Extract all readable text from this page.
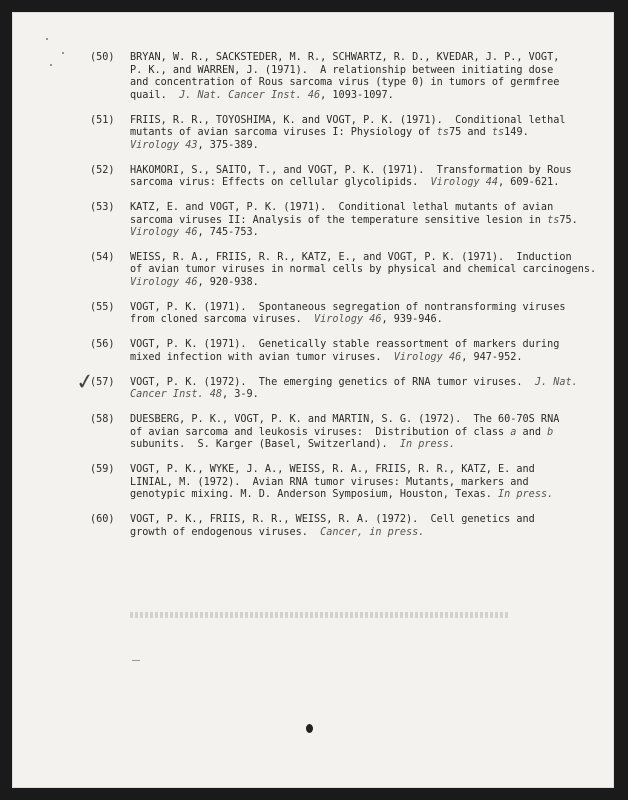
(50) BRYAN, W. R., SACKSTEDER, M. R., SCHWARTZ, R. D., KVEDAR, J. P., VOGT,
P. K., and WARREN, J. (1971).  A relationship between initiating dose
and concentration of Rous sarcoma virus (type 0) in tumors of germfree
quail.  J. Nat. Cancer Inst. 46, 1093-1097.
(51) FRIIS, R. R., TOYOSHIMA, K. and VOGT, P. K. (1971).  Conditional lethal
mutants of avian sarcoma viruses I: Physiology of ts75 and ts149.
Virology 43, 375-389.
(52) HAKOMORI, S., SAITO, T., and VOGT, P. K. (1971).  Transformation by Rous
sarcoma virus: Effects on cellular glycolipids.  Virology 44, 609-621.
(53) KATZ, E. and VOGT, P. K. (1971).  Conditional lethal mutants of avian
sarcoma viruses II: Analysis of the temperature sensitive lesion in ts75.
Virology 46, 745-753.
(54) WEISS, R. A., FRIIS, R. R., KATZ, E., and VOGT, P. K. (1971).  Induction
of avian tumor viruses in normal cells by physical and chemical carcinogens.
Virology 46, 920-938.
(55) VOGT, P. K. (1971).  Spontaneous segregation of nontransforming viruses
from cloned sarcoma viruses.  Virology 46, 939-946.
(56) VOGT, P. K. (1971).  Genetically stable reassortment of markers during
mixed infection with avian tumor viruses.  Virology 46, 947-952.
(57) VOGT, P. K. (1972).  The emerging genetics of RNA tumor viruses.  J. Nat.
Cancer Inst. 48, 3-9.
(58) DUESBERG, P. K., VOGT, P. K. and MARTIN, S. G. (1972).  The 60-70S RNA
of avian sarcoma and leukosis viruses:  Distribution of class a and b
subunits.  S. Karger (Basel, Switzerland).  In press.
(59) VOGT, P. K., WYKE, J. A., WEISS, R. A., FRIIS, R. R., KATZ, E. and
LINIAL, M. (1972).  Avian RNA tumor viruses: Mutants, markers and
genotypic mixing. M. D. Anderson Symposium, Houston, Texas. In press.
(60) VOGT, P. K., FRIIS, R. R., WEISS, R. A. (1972).  Cell genetics and
growth of endogenous viruses.  Cancer, in press.
✓
